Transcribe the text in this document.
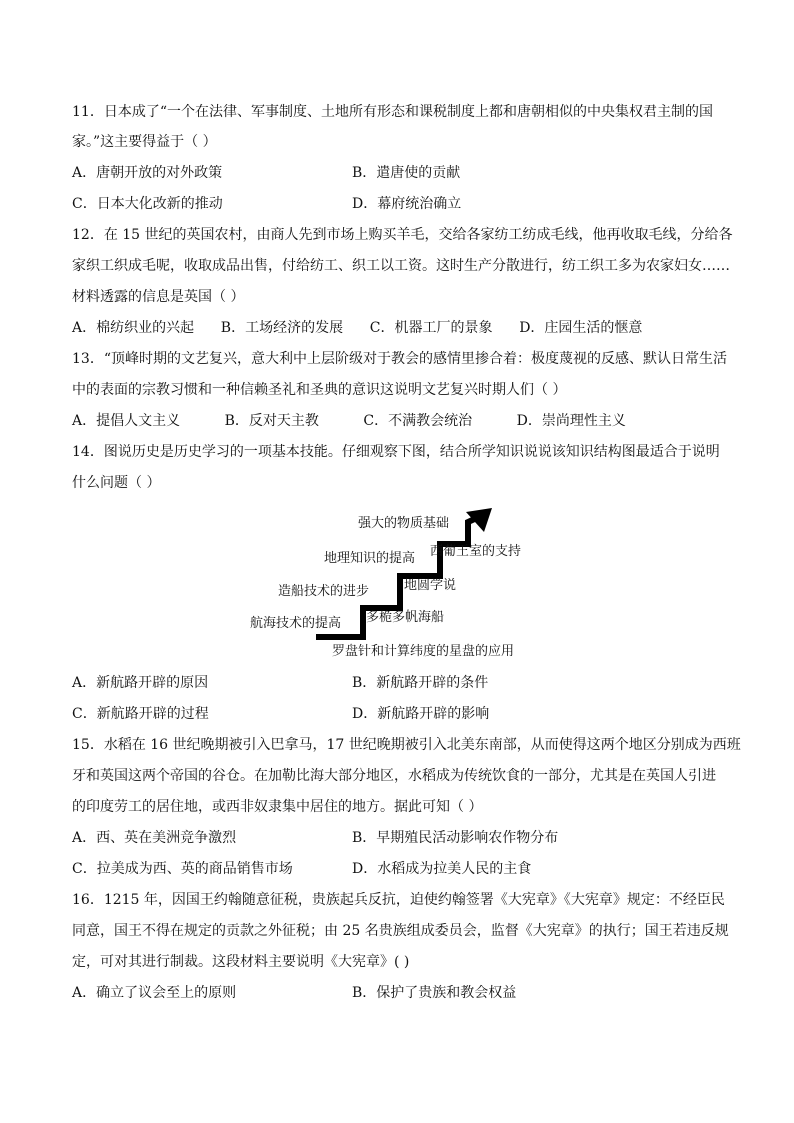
11．日本成了“一个在法律、军事制度、土地所有形态和课税制度上都和唐朝相似的中央集权君主制的国
家。”这主要得益于（ ）
A．唐朝开放的对外政策	B．遣唐使的贡献
C．日本大化改新的推动	D．幕府统治确立
12．在 15 世纪的英国农村，由商人先到市场上购买羊毛，交给各家纺工纺成毛线，他再收取毛线，分给各
家织工织成毛呢，收取成品出售，付给纺工、织工以工资。这时生产分散进行，纺工织工多为农家妇女……
材料透露的信息是英国（ ）
A．棉纺织业的兴起      B．工场经济的发展      C．机器工厂的景象      D．庄园生活的惬意
13．“顶峰时期的文艺复兴，意大利中上层阶级对于教会的感情里掺合着：极度蔑视的反感、默认日常生活
中的表面的宗教习惯和一种信赖圣礼和圣典的意识这说明文艺复兴时期人们（ ）
A．提倡人文主义          B．反对天主教          C．不满教会统治          D．崇尚理性主义
14．图说历史是历史学习的一项基本技能。仔细观察下图，结合所学知识说说该知识结构图最适合于说明
什么问题（ ）
强大的物质基础
地理知识的提高
造船技术的进步
航海技术的提高
西葡王室的支持
地圆学说
多桅多帆海船
罗盘针和计算纬度的星盘的应用
A．新航路开辟的原因	B．新航路开辟的条件
C．新航路开辟的过程	D．新航路开辟的影响
15．水稻在 16 世纪晚期被引入巴拿马，17 世纪晚期被引入北美东南部，从而使得这两个地区分别成为西班
牙和英国这两个帝国的谷仓。在加勒比海大部分地区，水稻成为传统饮食的一部分，尤其是在英国人引进
的印度劳工的居住地，或西非奴隶集中居住的地方。据此可知（ ）
A．西、英在美洲竞争激烈	B．早期殖民活动影响农作物分布
C．拉美成为西、英的商品销售市场	D．水稻成为拉美人民的主食
16．1215 年，因国王约翰随意征税，贵族起兵反抗，迫使约翰签署《大宪章》《大宪章》规定：不经臣民
同意，国王不得在规定的贡款之外征税；由 25 名贵族组成委员会，监督《大宪章》的执行；国王若违反规
定，可对其进行制裁。这段材料主要说明《大宪章》( )
A．确立了议会至上的原则	B．保护了贵族和教会权益
